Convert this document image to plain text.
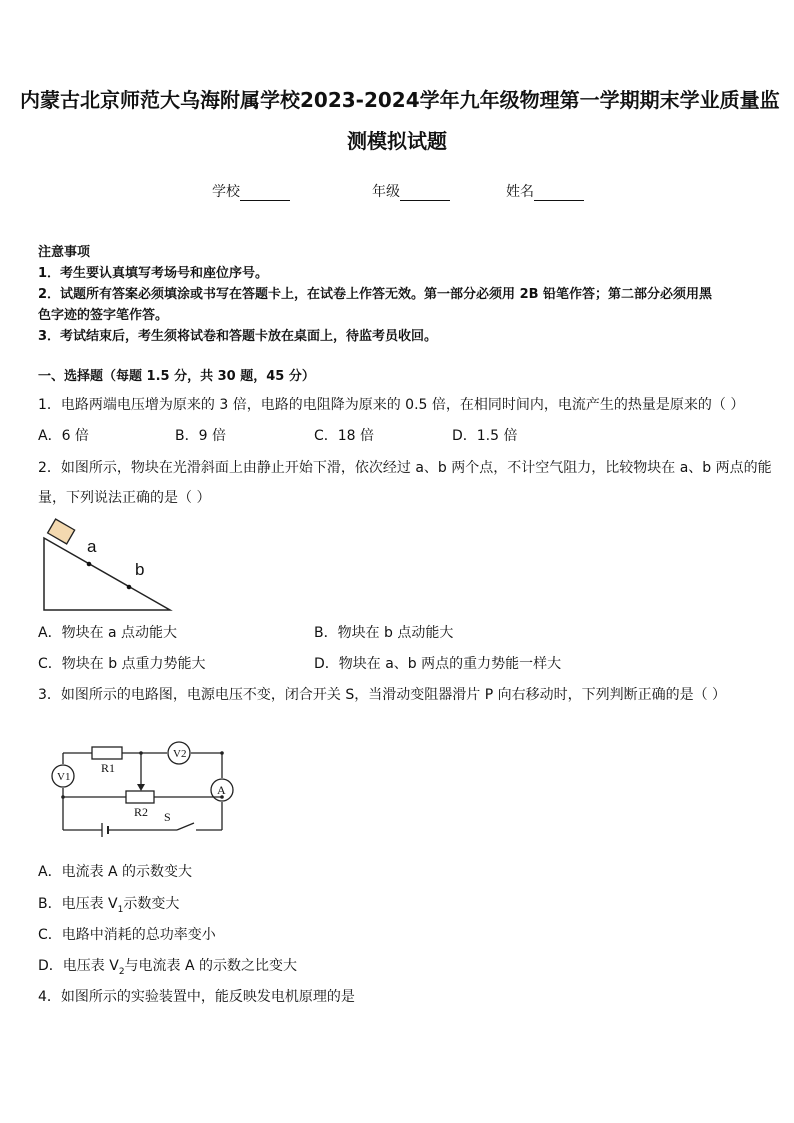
内蒙古北京师范大乌海附属学校2023-2024学年九年级物理第一学期期末学业质量监
测模拟试题
学校	年级	姓名
注意事项
1．考生要认真填写考场号和座位序号。
2．试题所有答案必须填涂或书写在答题卡上，在试卷上作答无效。第一部分必须用 2B 铅笔作答；第二部分必须用黑
色字迹的签字笔作答。
3．考试结束后，考生须将试卷和答题卡放在桌面上，待监考员收回。
一、选择题（每题 1.5 分，共 30 题，45 分）
1．电路两端电压增为原来的 3 倍，电路的电阻降为原来的 0.5 倍，在相同时间内，电流产生的热量是原来的（ ）
A．6 倍	B．9 倍	C．18 倍	D．1.5 倍
2．如图所示，物块在光滑斜面上由静止开始下滑，依次经过 a、b 两个点，不计空气阻力，比较物块在 a、b 两点的能
量，下列说法正确的是（ ）
a
b
A．物块在 a 点动能大	B．物块在 b 点动能大
C．物块在 b 点重力势能大	D．物块在 a、b 两点的重力势能一样大
3．如图所示的电路图，电源电压不变，闭合开关 S，当滑动变阻器滑片 P 向右移动时，下列判断正确的是（ ）
V2
V1
A
R1
R2 S
A．电流表 A 的示数变大
B．电压表 $V_1$示数变大
C．电路中消耗的总功率变小
D．电压表 $V_2$与电流表 A 的示数之比变大
4．如图所示的实验装置中，能反映发电机原理的是
